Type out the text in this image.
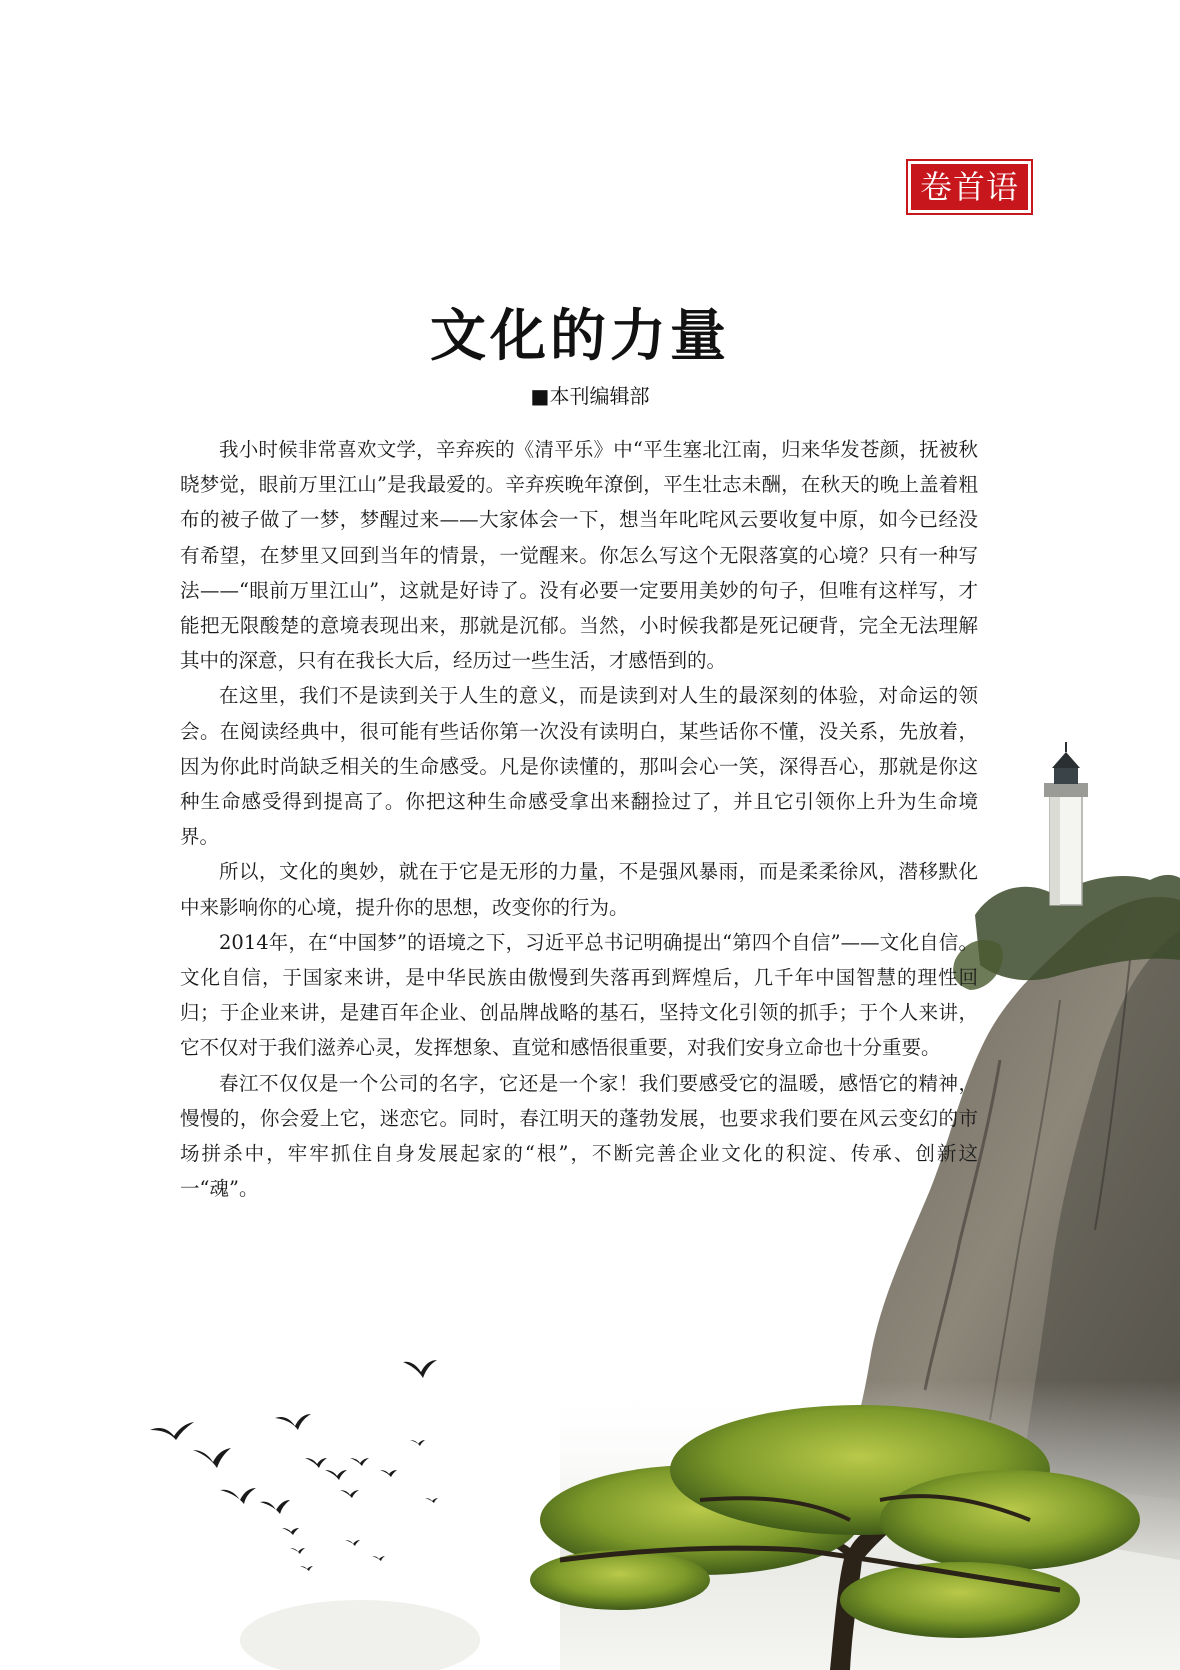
卷首语
文化的力量
■本刊编辑部

我小时候非常喜欢文学，辛弃疾的《清平乐》中“平生塞北江南，归来华发苍颜，抚被秋晓梦觉，眼前万里江山”是我最爱的。辛弃疾晚年潦倒，平生壮志未酬，在秋天的晚上盖着粗布的被子做了一梦，梦醒过来——大家体会一下，想当年叱咤风云要收复中原，如今已经没有希望，在梦里又回到当年的情景，一觉醒来。你怎么写这个无限落寞的心境？只有一种写法——“眼前万里江山”，这就是好诗了。没有必要一定要用美妙的句子，但唯有这样写，才能把无限酸楚的意境表现出来，那就是沉郁。当然，小时候我都是死记硬背，完全无法理解其中的深意，只有在我长大后，经历过一些生活，才感悟到的。

在这里，我们不是读到关于人生的意义，而是读到对人生的最深刻的体验，对命运的领会。在阅读经典中，很可能有些话你第一次没有读明白，某些话你不懂，没关系，先放着，因为你此时尚缺乏相关的生命感受。凡是你读懂的，那叫会心一笑，深得吾心，那就是你这种生命感受得到提高了。你把这种生命感受拿出来翻捡过了，并且它引领你上升为生命境界。

所以，文化的奥妙，就在于它是无形的力量，不是强风暴雨，而是柔柔徐风，潜移默化中来影响你的心境，提升你的思想，改变你的行为。

2014年，在“中国梦”的语境之下，习近平总书记明确提出“第四个自信”——文化自信。文化自信，于国家来讲，是中华民族由傲慢到失落再到辉煌后，几千年中国智慧的理性回归；于企业来讲，是建百年企业、创品牌战略的基石，坚持文化引领的抓手；于个人来讲，它不仅对于我们滋养心灵，发挥想象、直觉和感悟很重要，对我们安身立命也十分重要。

春江不仅仅是一个公司的名字，它还是一个家！我们要感受它的温暖，感悟它的精神，慢慢的，你会爱上它，迷恋它。同时，春江明天的蓬勃发展，也要求我们要在风云变幻的市场拼杀中，牢牢抓住自身发展起家的“根”，不断完善企业文化的积淀、传承、创新这一“魂”。
